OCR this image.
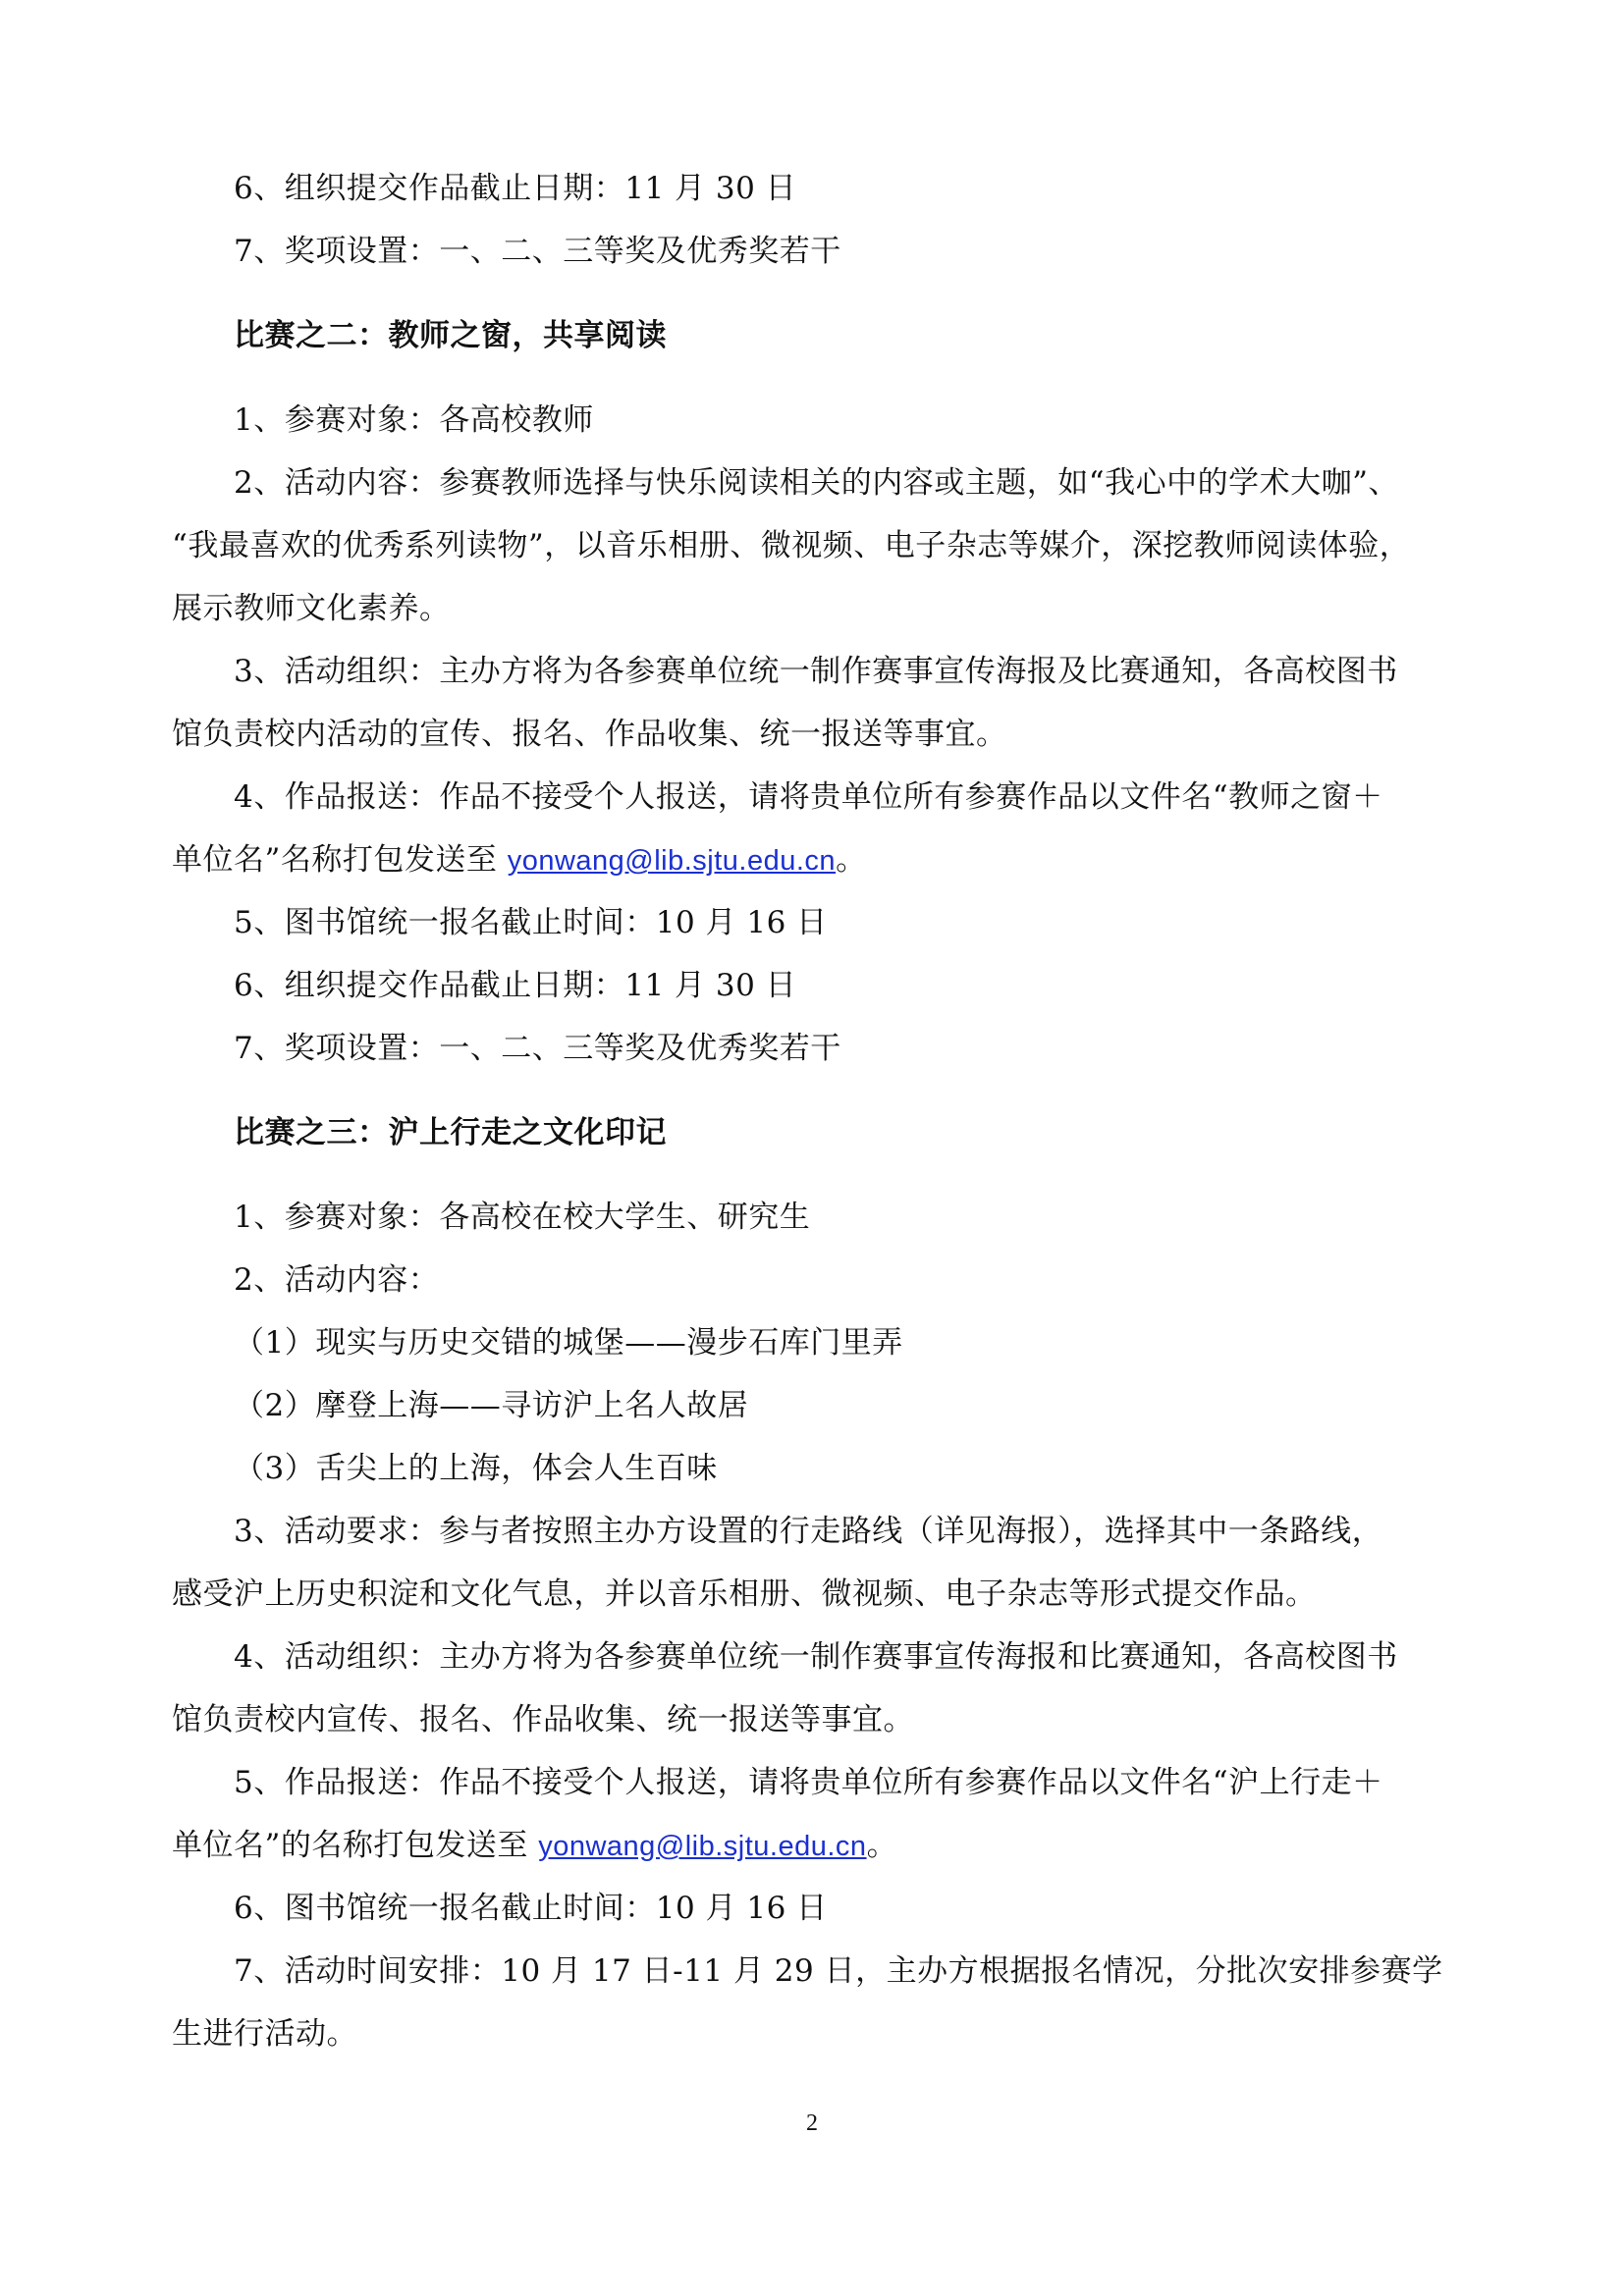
6、组织提交作品截止日期：11 月 30 日
7、奖项设置：一、二、三等奖及优秀奖若干
比赛之二：教师之窗，共享阅读
1、参赛对象：各高校教师
2、活动内容：参赛教师选择与快乐阅读相关的内容或主题，如“我心中的学术大咖”、
“我最喜欢的优秀系列读物”，以音乐相册、微视频、电子杂志等媒介，深挖教师阅读体验，
展示教师文化素养。
3、活动组织：主办方将为各参赛单位统一制作赛事宣传海报及比赛通知，各高校图书
馆负责校内活动的宣传、报名、作品收集、统一报送等事宜。
4、作品报送：作品不接受个人报送，请将贵单位所有参赛作品以文件名“教师之窗＋
单位名”名称打包发送至 yonwang@lib.sjtu.edu.cn。
5、图书馆统一报名截止时间：10 月 16 日
6、组织提交作品截止日期：11 月 30 日
7、奖项设置：一、二、三等奖及优秀奖若干
比赛之三：沪上行走之文化印记
1、参赛对象：各高校在校大学生、研究生
2、活动内容：
（1）现实与历史交错的城堡——漫步石库门里弄
（2）摩登上海——寻访沪上名人故居
（3）舌尖上的上海，体会人生百味
3、活动要求：参与者按照主办方设置的行走路线（详见海报），选择其中一条路线，
感受沪上历史积淀和文化气息，并以音乐相册、微视频、电子杂志等形式提交作品。
4、活动组织：主办方将为各参赛单位统一制作赛事宣传海报和比赛通知，各高校图书
馆负责校内宣传、报名、作品收集、统一报送等事宜。
5、作品报送：作品不接受个人报送，请将贵单位所有参赛作品以文件名“沪上行走＋
单位名”的名称打包发送至 yonwang@lib.sjtu.edu.cn。
6、图书馆统一报名截止时间：10 月 16 日
7、活动时间安排：10 月 17 日-11 月 29 日，主办方根据报名情况，分批次安排参赛学
生进行活动。
2
